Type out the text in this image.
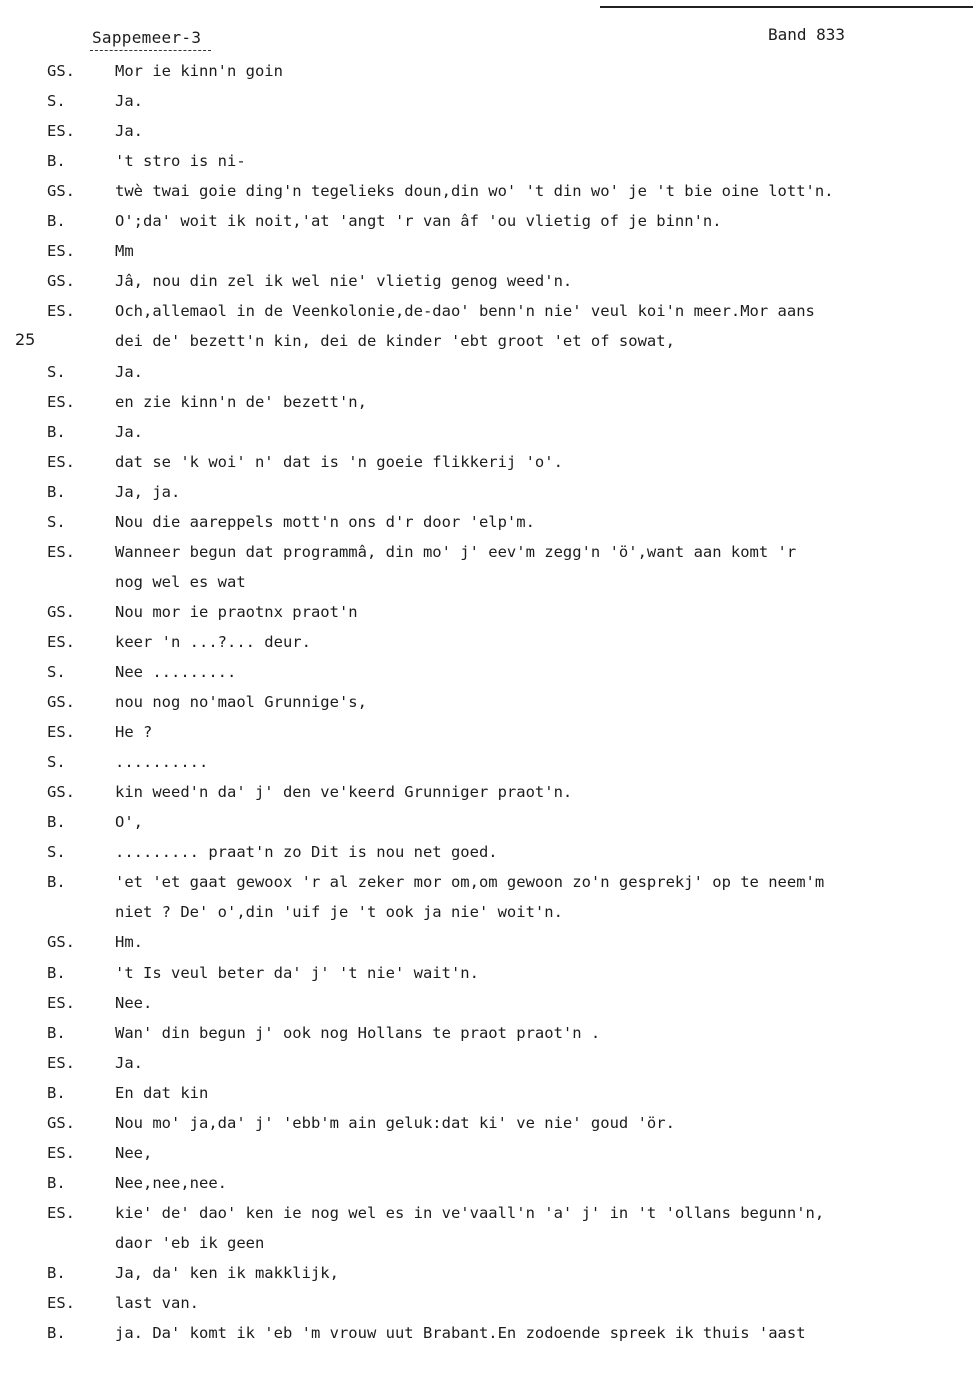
Sappemeer-3	Band 833
25
GS.	Mor ie kinn'n goin
S.	Ja.
ES.	Ja.
B.	't stro is ni-
GS.	twè twai goie ding'n tegelieks doun,din wo' 't din wo' je 't bie oine lott'n.
B.	O';da' woit ik noit,'at 'angt 'r van âf 'ou vlietig of je binn'n.
ES.	Mm
GS.	Jâ, nou din zel ik wel nie' vlietig genog weed'n.
ES.	Och,allemaol in de Veenkolonie,de-dao' benn'n nie' veul koi'n meer.Mor aans
dei de' bezett'n kin, dei de kinder 'ebt groot 'et of sowat,
S.	Ja.
ES.	en zie kinn'n de' bezett'n,
B.	Ja.
ES.	dat se 'k woi' n' dat is 'n goeie flikkerij 'o'.
B.	Ja, ja.
S.	Nou die aareppels mott'n ons d'r door 'elp'm.
ES.	Wanneer begun dat programmâ, din mo' j' eev'm zegg'n 'ö',want aan komt 'r
nog wel es wat
GS.	Nou mor ie praotnx praot'n
ES.	keer 'n ...?... deur.
S.	Nee .........
GS.	nou nog no'maol Grunnige's,
ES.	He ?
S.	..........
GS.	kin weed'n da' j' den ve'keerd Grunniger praot'n.
B.	O',
S.	......... praat'n zo Dit is nou net goed.
B.	'et 'et gaat gewoox 'r al zeker mor om,om gewoon zo'n gesprekj' op te neem'm
niet ? De' o',din 'uif je 't ook ja nie' woit'n.
GS.	Hm.
B.	't Is veul beter da' j' 't nie' wait'n.
ES.	Nee.
B.	Wan' din begun j' ook nog Hollans te praot praot'n .
ES.	Ja.
B.	En dat kin
GS.	Nou mo' ja,da' j' 'ebb'm ain geluk:dat ki' ve nie' goud 'ör.
ES.	Nee,
B.	Nee,nee,nee.
ES.	kie' de' dao' ken ie nog wel es in ve'vaall'n 'a' j' in 't 'ollans begunn'n,
daor 'eb ik geen
B.	Ja, da' ken ik makklijk,
ES.	last van.
B.	ja. Da' komt ik 'eb 'm vrouw uut Brabant.En zodoende spreek ik thuis 'aast
